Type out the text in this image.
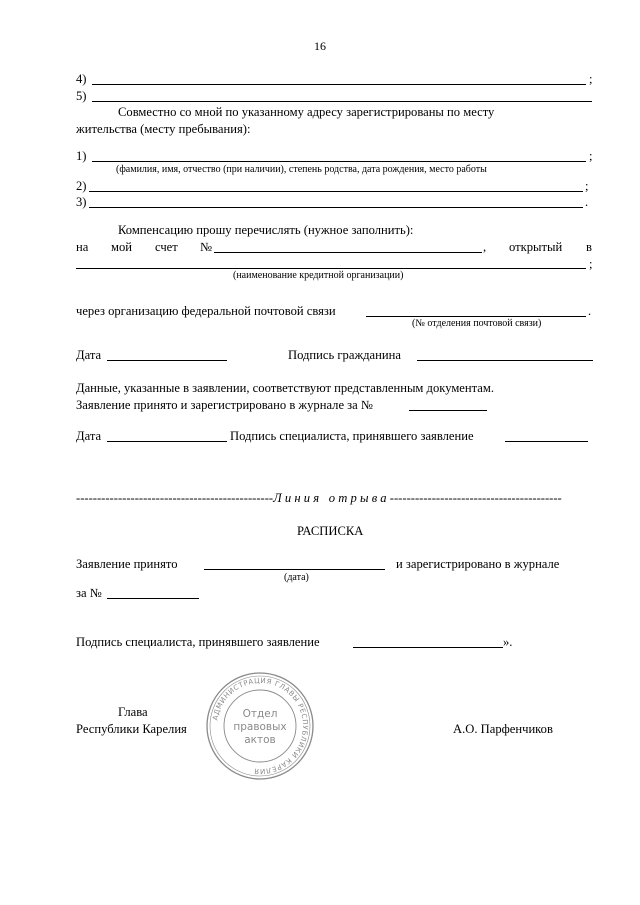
16
4)	;
5)
Совместно со мной по указанному адресу зарегистрированы по месту
жительства (месту пребывания):
1)	;
(фамилия, имя, отчество (при наличии), степень родства, дата рождения, место работы
2)	;
3)	.
Компенсацию прошу перечислять (нужное заполнить):
на мой счет №	, открытый в
;
(наименование кредитной организации)
через организацию федеральной почтовой связи	.
(№ отделения почтовой связи)
Дата	Подпись гражданина
Данные, указанные в заявлении, соответствуют представленным документам.
Заявление принято и зарегистрировано в журнале за №
Дата	Подпись специалиста, принявшего заявление
-----------------------------------------------Линия отрыва-----------------------------------------
РАСПИСКА
Заявление принято	и зарегистрировано в журнале
(дата)
за №
Подпись специалиста, принявшего заявление	».
АДМИНИСТРАЦИЯ ГЛАВЫ РЕСПУБЛИКИ КАРЕЛИЯ
Отдел
правовых
актов
Глава
Республики Карелия	А.О. Парфенчиков
